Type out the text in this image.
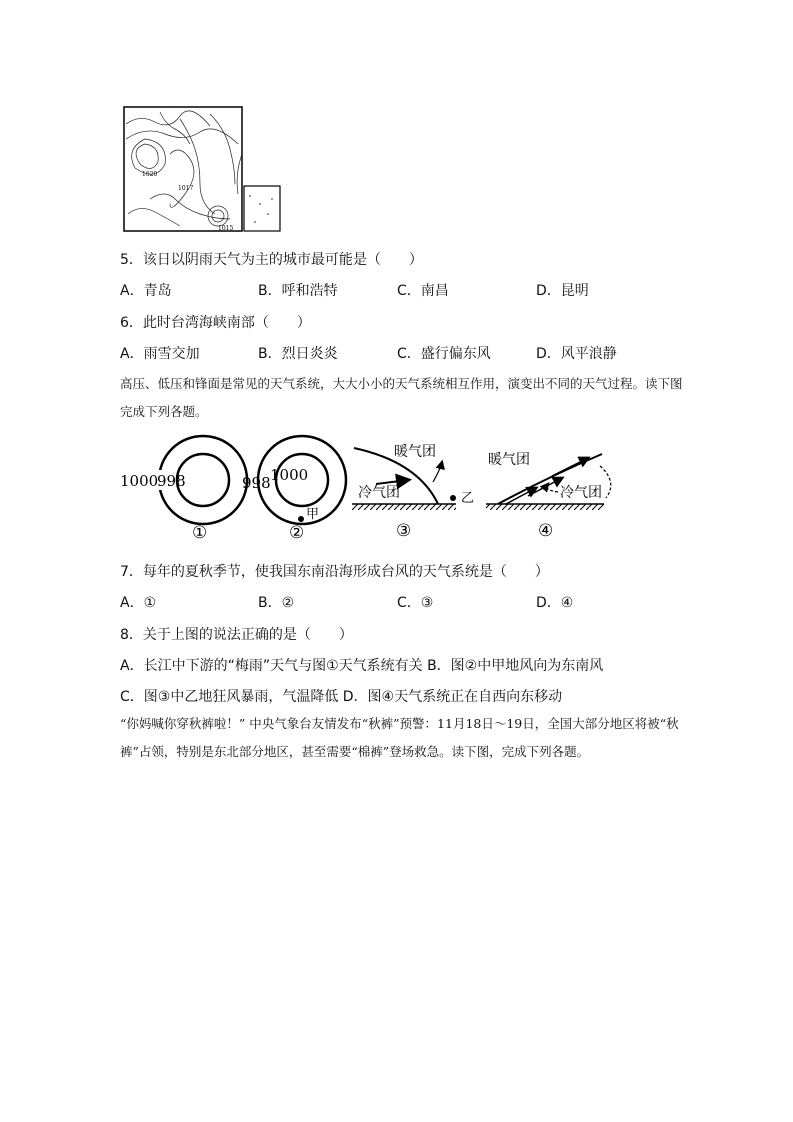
1020
1017
1015
5．该日以阴雨天气为主的城市最可能是（　　）
A．青岛	B．呼和浩特	C．南昌	D．昆明
6．此时台湾海峡南部（　　）
A．雨雪交加	B．烈日炎炎	C．盛行偏东风	D．风平浪静
高压、低压和锋面是常见的天气系统，大大小小的天气系统相互作用，演变出不同的天气过程。读下图完成下列各题。
1000
998
①
998 1000
甲
②
暖气团
冷气团	乙
③
暖气团
冷气团
④
7．每年的夏秋季节，使我国东南沿海形成台风的天气系统是（　　）
A．①	B．②	C．③	D．④
8．关于上图的说法正确的是（　　）
A．长江中下游的“梅雨”天气与图①天气系统有关 B．图②中甲地风向为东南风
C．图③中乙地狂风暴雨，气温降低 D．图④天气系统正在自西向东移动
“你妈喊你穿秋裤啦！” 中央气象台友情发布“秋裤”预警：11月18日～19日，全国大部分地区将被“秋裤”占领，特别是东北部分地区，甚至需要“棉裤”登场救急。读下图，完成下列各题。
